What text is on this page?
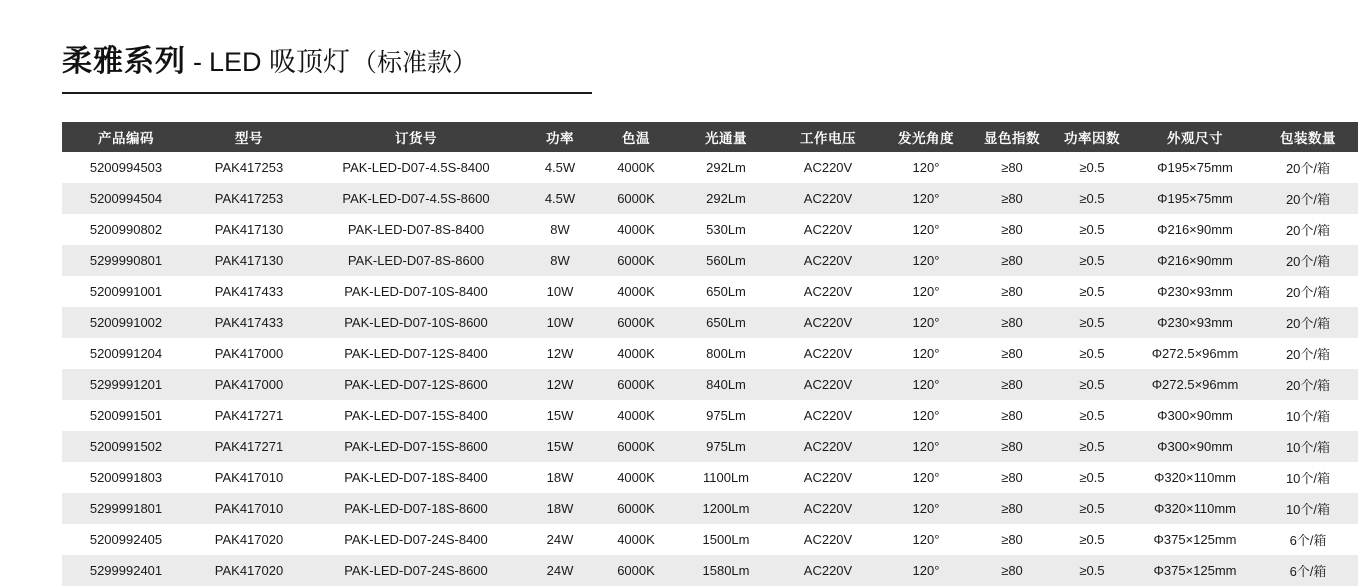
柔雅系列 - LED 吸顶灯 （标准款）
产品编码	型号	订货号	功率	色温	光通量	工作电压	发光角度	显色指数	功率因数	外观尺寸	包装数量
5200994503	PAK417253	PAK-LED-D07-4.5S-8400	4.5W	4000K	292Lm	AC220V	120°	≥80	≥0.5	Φ195×75mm	20个/箱
5200994504	PAK417253	PAK-LED-D07-4.5S-8600	4.5W	6000K	292Lm	AC220V	120°	≥80	≥0.5	Φ195×75mm	20个/箱
5200990802	PAK417130	PAK-LED-D07-8S-8400	8W	4000K	530Lm	AC220V	120°	≥80	≥0.5	Φ216×90mm	20个/箱
5299990801	PAK417130	PAK-LED-D07-8S-8600	8W	6000K	560Lm	AC220V	120°	≥80	≥0.5	Φ216×90mm	20个/箱
5200991001	PAK417433	PAK-LED-D07-10S-8400	10W	4000K	650Lm	AC220V	120°	≥80	≥0.5	Φ230×93mm	20个/箱
5200991002	PAK417433	PAK-LED-D07-10S-8600	10W	6000K	650Lm	AC220V	120°	≥80	≥0.5	Φ230×93mm	20个/箱
5200991204	PAK417000	PAK-LED-D07-12S-8400	12W	4000K	800Lm	AC220V	120°	≥80	≥0.5	Φ272.5×96mm	20个/箱
5299991201	PAK417000	PAK-LED-D07-12S-8600	12W	6000K	840Lm	AC220V	120°	≥80	≥0.5	Φ272.5×96mm	20个/箱
5200991501	PAK417271	PAK-LED-D07-15S-8400	15W	4000K	975Lm	AC220V	120°	≥80	≥0.5	Φ300×90mm	10个/箱
5200991502	PAK417271	PAK-LED-D07-15S-8600	15W	6000K	975Lm	AC220V	120°	≥80	≥0.5	Φ300×90mm	10个/箱
5200991803	PAK417010	PAK-LED-D07-18S-8400	18W	4000K	1100Lm	AC220V	120°	≥80	≥0.5	Φ320×110mm	10个/箱
5299991801	PAK417010	PAK-LED-D07-18S-8600	18W	6000K	1200Lm	AC220V	120°	≥80	≥0.5	Φ320×110mm	10个/箱
5200992405	PAK417020	PAK-LED-D07-24S-8400	24W	4000K	1500Lm	AC220V	120°	≥80	≥0.5	Φ375×125mm	6个/箱
5299992401	PAK417020	PAK-LED-D07-24S-8600	24W	6000K	1580Lm	AC220V	120°	≥80	≥0.5	Φ375×125mm	6个/箱
